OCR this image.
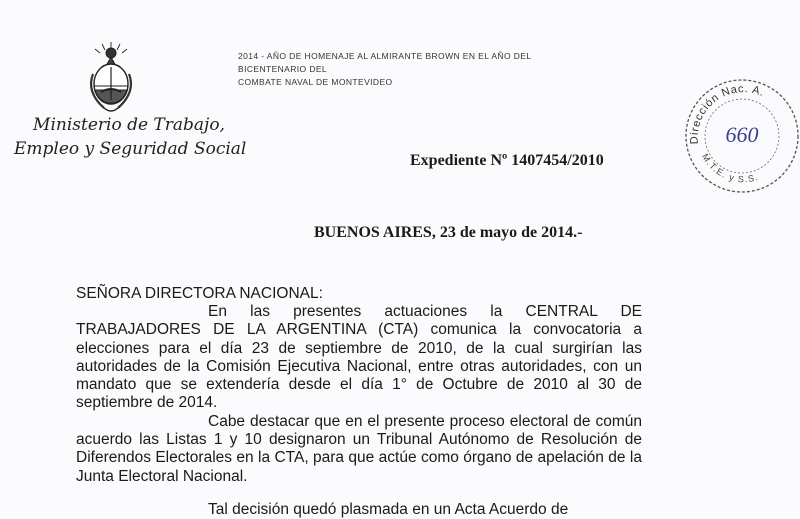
Ministerio de Trabajo,
Empleo y Seguridad Social
2014 - AÑO DE HOMENAJE AL ALMIRANTE BROWN EN EL AÑO DEL BICENTENARIO DEL
COMBATE NAVAL DE MONTEVIDEO
Dirección Nac. A.
M.T.E. y S.S.
660
Expediente Nº 1407454/2010
BUENOS AIRES, 23 de mayo de 2014.-
SEÑORA DIRECTORA NACIONAL:

En las presentes actuaciones la CENTRAL DE TRABAJADORES DE LA ARGENTINA (CTA) comunica la convocatoria a elecciones para el día 23 de septiembre de 2010, de la cual surgirían las autoridades de la Comisión Ejecutiva Nacional, entre otras autoridades, con un mandato que se extendería desde el día 1° de Octubre de 2010 al 30 de septiembre de 2014.

Cabe destacar que en el presente proceso electoral de común acuerdo las Listas 1 y 10 designaron un Tribunal Autónomo de Resolución de Diferendos Electorales en la CTA, para que actúe como órgano de apelación de la Junta Electoral Nacional.

Tal decisión quedó plasmada en un Acta Acuerdo de
